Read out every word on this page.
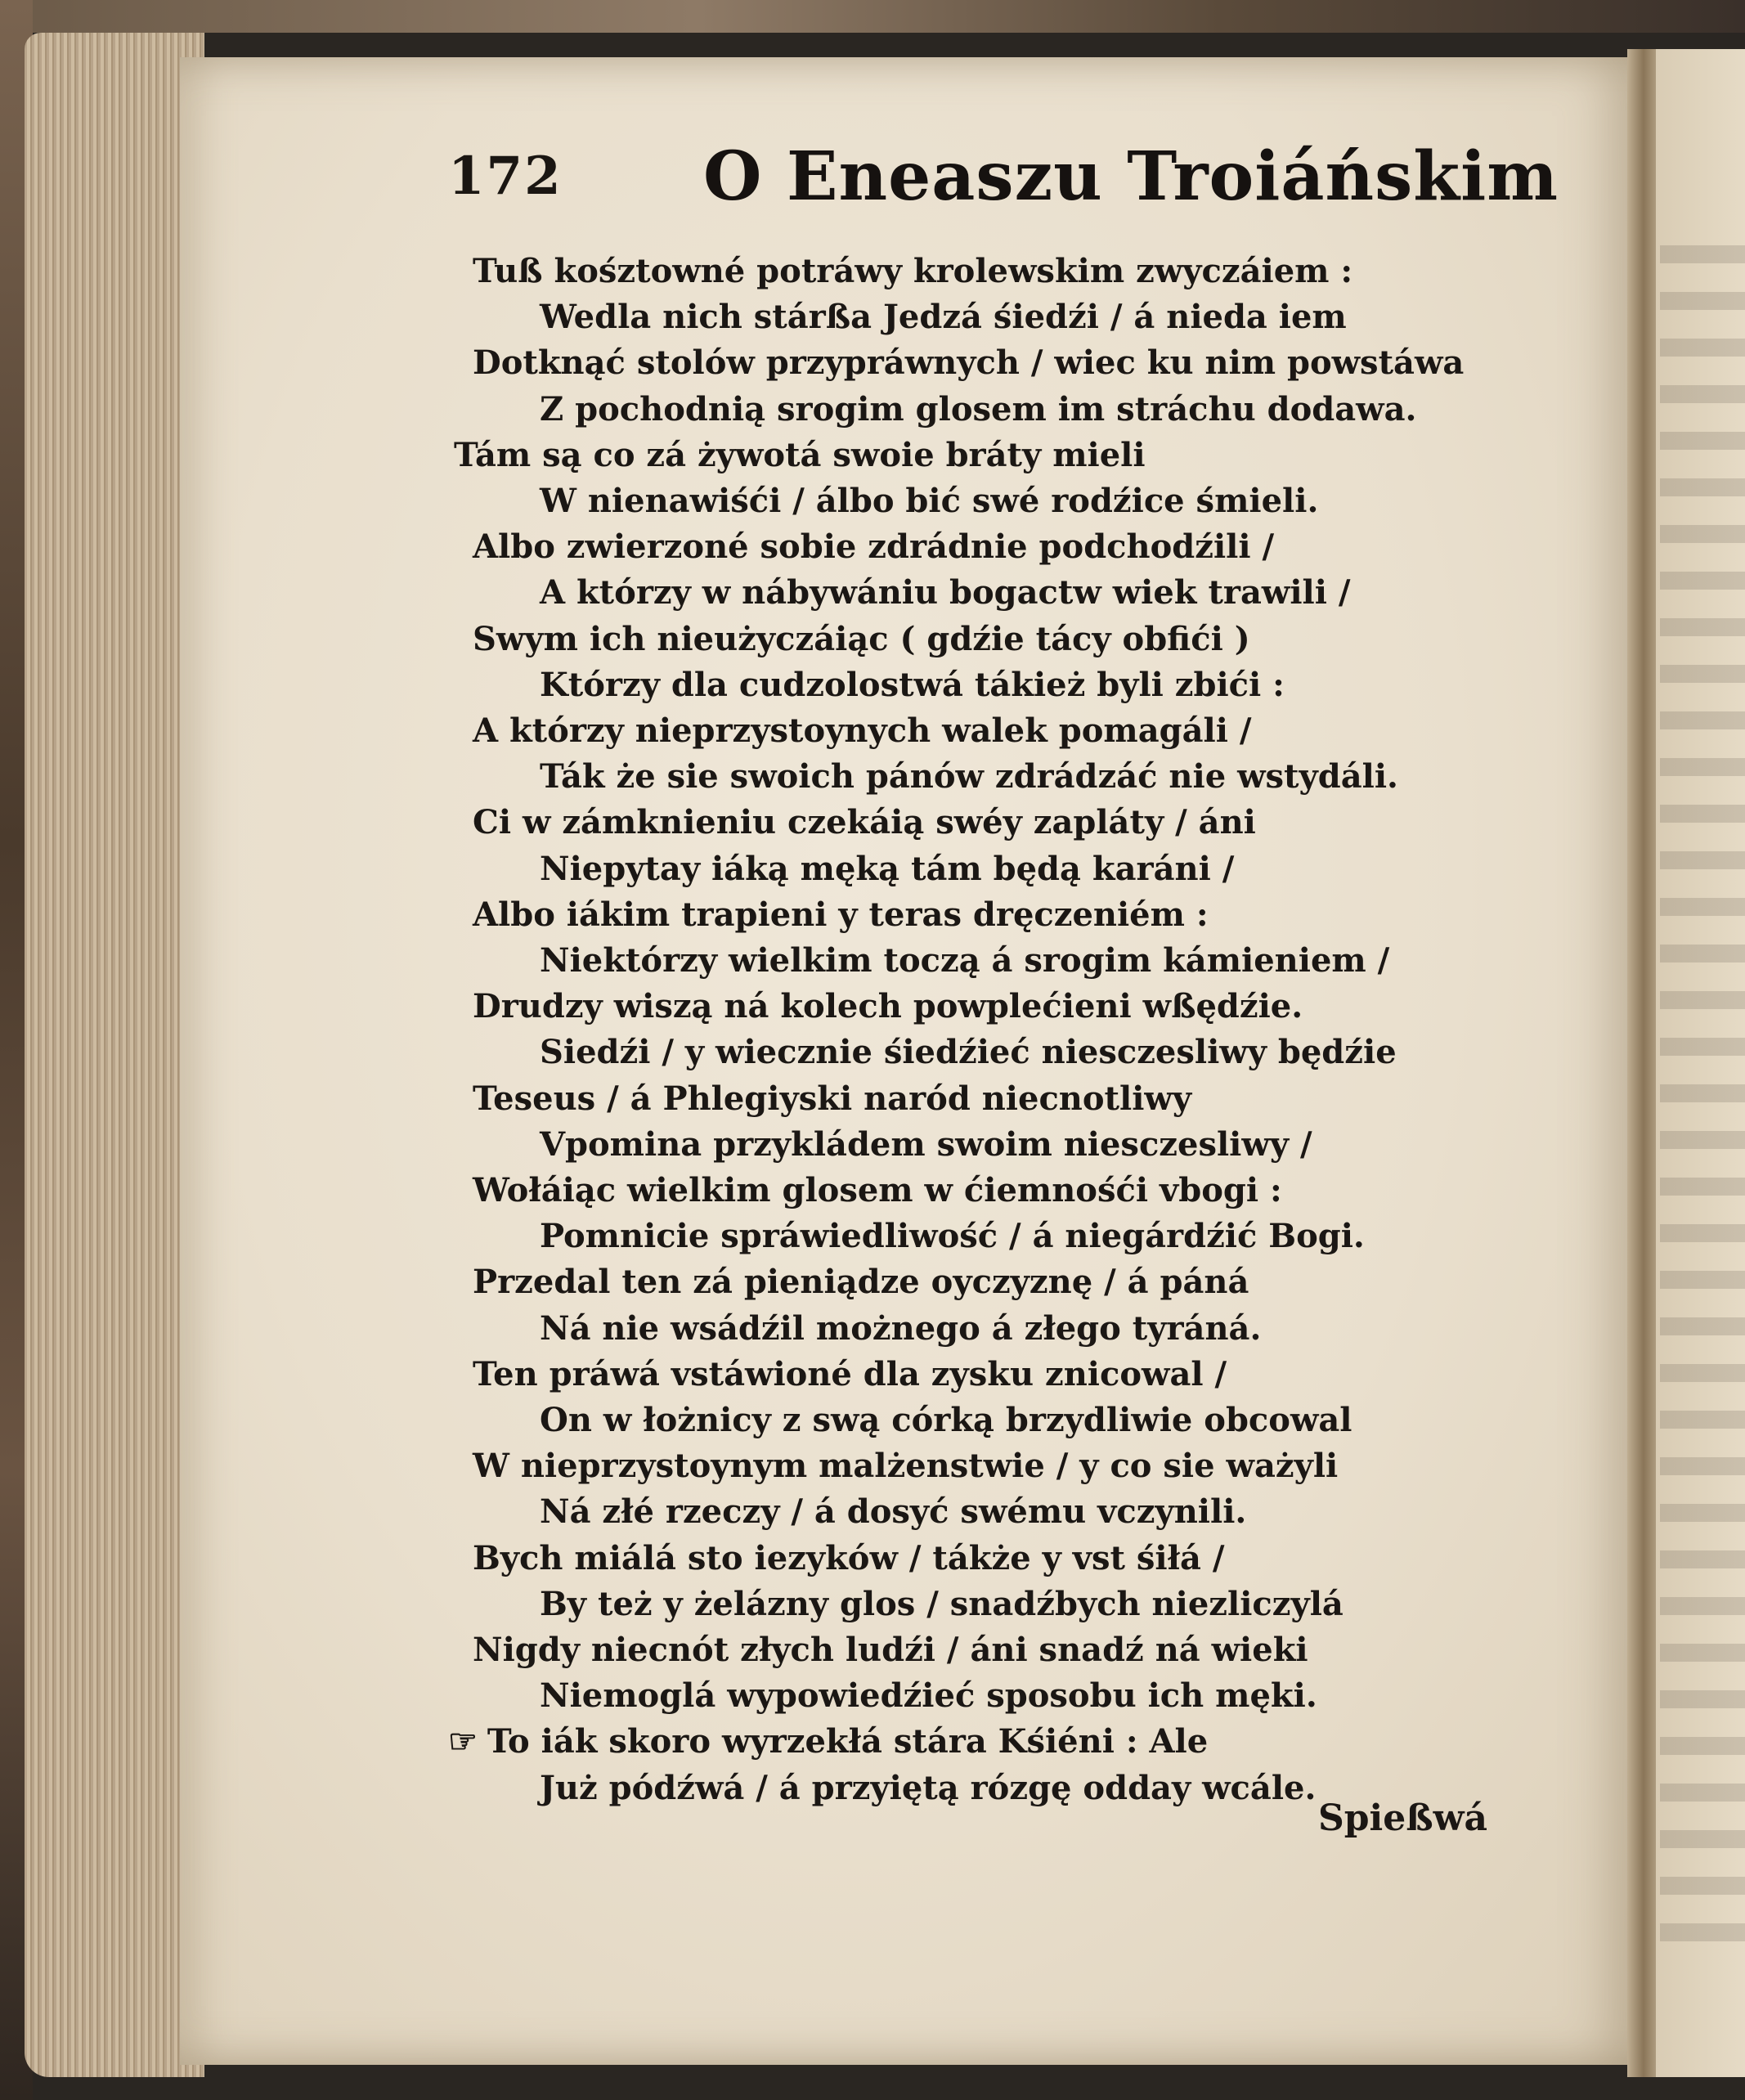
172 O Eneaszu Troiáńskim
Tuß kośztowné potráwy krolewskim zwyczáiem :
Wedla nich stárßa Jedzá śiedźi / á nieda iem
Dotknąć stolów przypráwnych / wiec ku nim powstáwa
Z pochodnią srogim glosem im stráchu dodawa.
Tám są co zá żywotá swoie bráty mieli
W nienawiśći / álbo bić swé rodźice śmieli.
Albo zwierzoné sobie zdrádnie podchodźili /
A którzy w nábywániu bogactw wiek trawili /
Swym ich nieużyczáiąc ( gdźie tácy obfići )
Którzy dla cudzolostwá tákież byli zbići :
A którzy nieprzystoynych walek pomagáli /
Ták że sie swoich pánów zdrádzáć nie wstydáli.
Ci w zámknieniu czekáią swéy zapláty / áni
Niepytay iáką męką tám będą karáni /
Albo iákim trapieni y teras dręczeniém :
Niektórzy wielkim toczą á srogim kámieniem /
Drudzy wiszą ná kolech powplećieni wßędźie.
Siedźi / y wiecznie śiedźieć niesczesliwy będźie
Teseus / á Phlegiyski naród niecnotliwy
Vpomina przykládem swoim niesczesliwy /
Wołáiąc wielkim glosem w ćiemnośći vbogi :
Pomnicie spráwiedliwość / á niegárdźić Bogi.
Przedal ten zá pieniądze oyczyznę / á páná
Ná nie wsádźil możnego á złego tyráná.
Ten práwá vstáwioné dla zysku znicowal /
On w łożnicy z swą córką brzydliwie obcowal
W nieprzystoynym malżenstwie / y co sie ważyli
Ná złé rzeczy / á dosyć swému vczynili.
Bych miálá sto iezyków / tákże y vst śiłá /
By też y żelázny glos / snadźbych niezliczylá
Nigdy niecnót złych ludźi / áni snadź ná wieki
Niemoglá wypowiedźieć sposobu ich męki.
☞ To iák skoro wyrzekłá stára Kśiéni : Ale
Już pódźwá / á przyiętą rózgę odday wcále.
Spießwá
